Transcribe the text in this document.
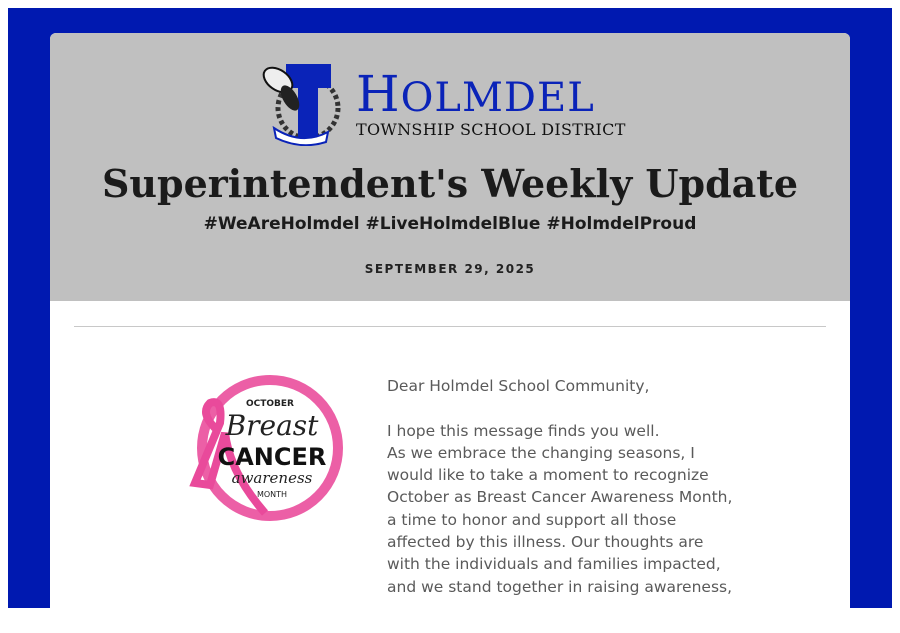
HOLMDEL
TOWNSHIP SCHOOL DISTRICT
Superintendent's Weekly Update
#WeAreHolmdel #LiveHolmdelBlue #HolmdelProud
SEPTEMBER 29, 2025
OCTOBER
Breast
CANCER
awareness
MONTH

Dear Holmdel School Community,

I hope this message finds you well.

As we embrace the changing seasons, I

would like to take a moment to recognize

October as Breast Cancer Awareness Month,

a time to honor and support all those

affected by this illness. Our thoughts are

with the individuals and families impacted,

and we stand together in raising awareness,
